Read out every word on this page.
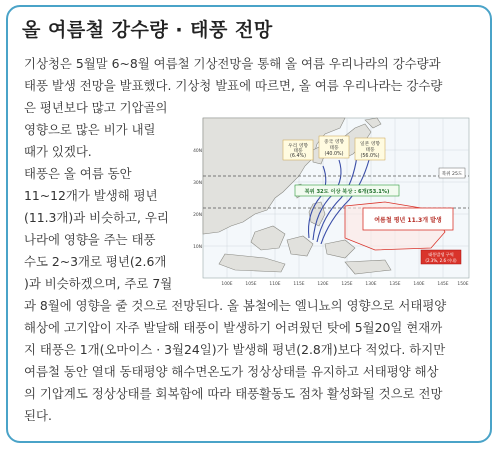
올 여름철 강수량 · 태풍 전망
기상청은 5월말 6~8월 여름철 기상전망을 통해 올 여름 우리나라의 강수량과
태풍 발생 전망을 발표했다. 기상청 발표에 따르면, 올 여름 우리나라는 강수량
은 평년보다 많고 기압골의
영향으로 많은 비가 내릴
때가 있겠다.
태풍은 올 여름 동안
11~12개가 발생해 평년
(11.3개)과 비슷하고, 우리
나라에 영향을 주는 태풍
수도 2~3개로 평년(2.6개
)과 비슷하겠으며, 주로 7월
과 8월에 영향을 줄 것으로 전망된다. 올 봄철에는 엘니뇨의 영향으로 서태평양
해상에 고기압이 자주 발달해 태풍이 발생하기 어려웠던 탓에 5월20일 현재까
지 태풍은 1개(오마이스 · 3월24일)가 발생해 평년(2.8개)보다 적었다. 하지만
여름철 동안 열대 동태평양 해수면온도가 정상상태를 유지하고 서태평양 해상
의 기압계도 정상상태를 회복함에 따라 태풍활동도 점차 활성화될 것으로 전망
된다.
우리 영향
태풍
(6.4%)
중국 영향
태풍
(40.0%)
일본 영향
태풍
(56.0%)
북위 25도
북위 32도 이상 북상 : 6개(53.1%)
여름철 평년 11.3개 발생
태풍발생 구역
(2.3%, 2.6 이내)
100E	105E	110E	115E	120E	125E	130E	135E	140E	145E 150E
40N
30N
20N
10N
